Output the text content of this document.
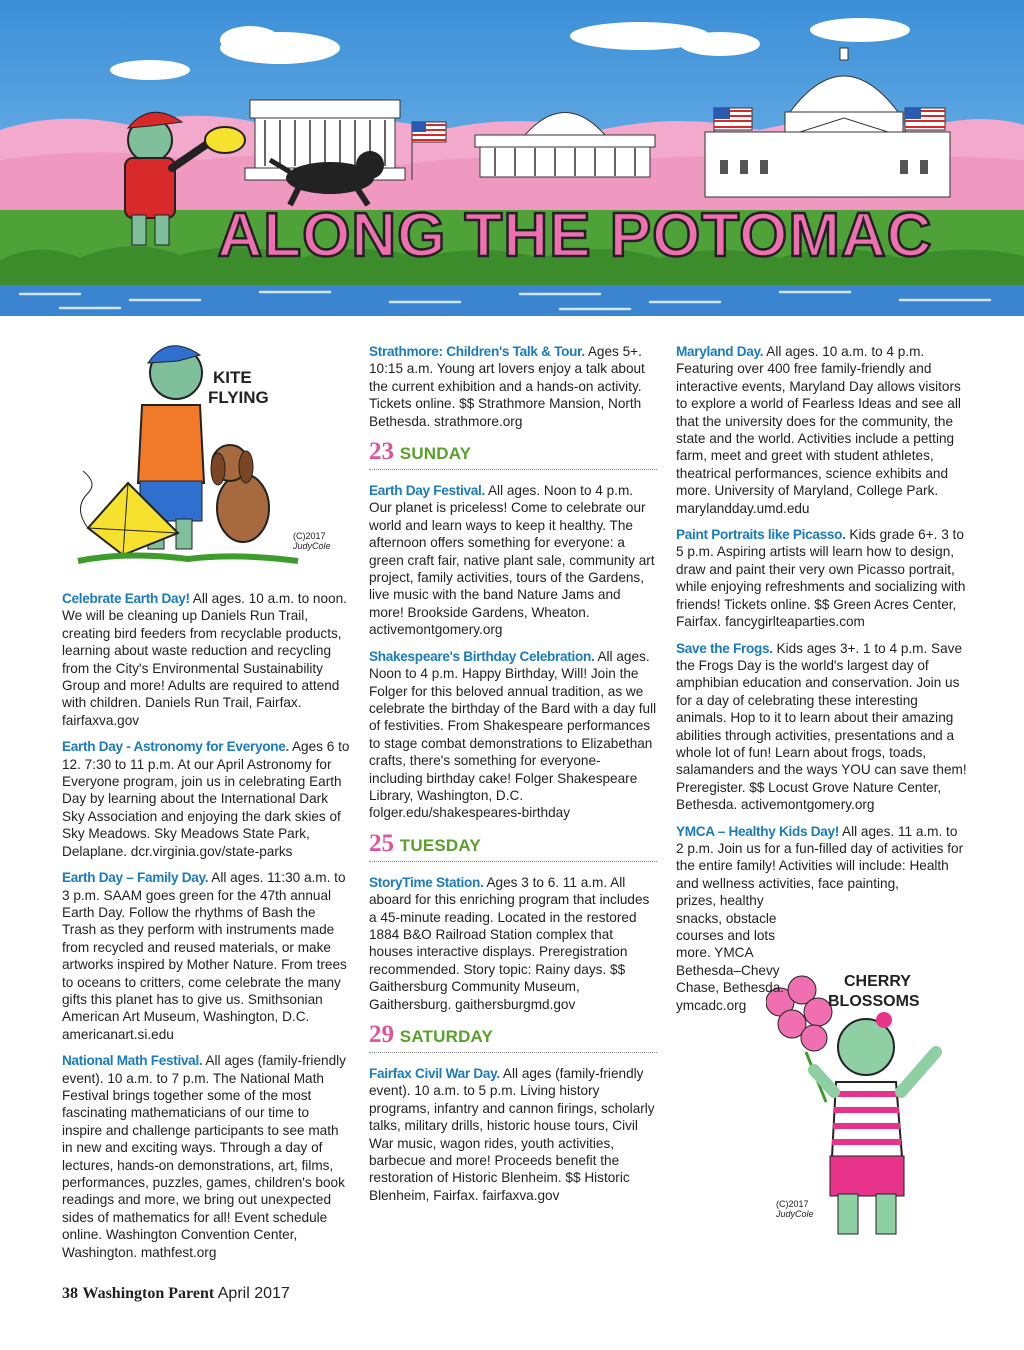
ALONG THE POTOMAC
KITE
FLYING
(C)2017
JudyCole
CHERRY
BLOSSOMS
(C)2017
JudyCole

Celebrate Earth Day! All ages. 10 a.m. to noon. We will be cleaning up Daniels Run Trail, creating bird feeders from recyclable products, learning about waste reduction and recycling from the City's Environmental Sustainability Group and more! Adults are required to attend with children. Daniels Run Trail, Fairfax. fairfaxva.gov

Earth Day - Astronomy for Everyone. Ages 6 to 12. 7:30 to 11 p.m. At our April Astronomy for Everyone program, join us in celebrating Earth Day by learning about the International Dark Sky Association and enjoying the dark skies of Sky Meadows. Sky Meadows State Park, Delaplane. dcr.virginia.gov/state-parks

Earth Day – Family Day. All ages. 11:30 a.m. to 3 p.m. SAAM goes green for the 47th annual Earth Day. Follow the rhythms of Bash the Trash as they perform with instruments made from recycled and reused materials, or make artworks inspired by Mother Nature. From trees to oceans to critters, come celebrate the many gifts this planet has to give us. Smithsonian American Art Museum, Washington, D.C. americanart.si.edu

National Math Festival. All ages (family-friendly event). 10 a.m. to 7 p.m. The National Math Festival brings together some of the most fascinating mathematicians of our time to inspire and challenge participants to see math in new and exciting ways. Through a day of lectures, hands-on demonstrations, art, films, performances, puzzles, games, children's book readings and more, we bring out unexpected sides of mathematics for all! Event schedule online. Washington Convention Center, Washington. mathfest.org

Strathmore: Children's Talk & Tour. Ages 5+. 10:15 a.m. Young art lovers enjoy a talk about the current exhibition and a hands-on activity. Tickets online. $$ Strathmore Mansion, North Bethesda. strathmore.org

23 SUNDAY

Earth Day Festival. All ages. Noon to 4 p.m. Our planet is priceless! Come to celebrate our world and learn ways to keep it healthy. The afternoon offers something for everyone: a green craft fair, native plant sale, community art project, family activities, tours of the Gardens, live music with the band Nature Jams and more! Brookside Gardens, Wheaton. activemontgomery.org

Shakespeare's Birthday Celebration. All ages. Noon to 4 p.m. Happy Birthday, Will! Join the Folger for this beloved annual tradition, as we celebrate the birthday of the Bard with a day full of festivities. From Shakespeare performances to stage combat demonstrations to Elizabethan crafts, there's something for everyone- including birthday cake! Folger Shakespeare Library, Washington, D.C. folger.edu/shakespeares-birthday

25 TUESDAY

StoryTime Station. Ages 3 to 6. 11 a.m. All aboard for this enriching program that includes a 45-minute reading. Located in the restored 1884 B&O Railroad Station complex that houses interactive displays. Preregistration recommended. Story topic: Rainy days. $$ Gaithersburg Community Museum, Gaithersburg. gaithersburgmd.gov

29 SATURDAY

Fairfax Civil War Day. All ages (family-friendly event). 10 a.m. to 5 p.m. Living history programs, infantry and cannon firings, scholarly talks, military drills, historic house tours, Civil War music, wagon rides, youth activities, barbecue and more! Proceeds benefit the restoration of Historic Blenheim. $$ Historic Blenheim, Fairfax. fairfaxva.gov

Maryland Day. All ages. 10 a.m. to 4 p.m. Featuring over 400 free family-friendly and interactive events, Maryland Day allows visitors to explore a world of Fearless Ideas and see all that the university does for the community, the state and the world. Activities include a petting farm, meet and greet with student athletes, theatrical performances, science exhibits and more. University of Maryland, College Park. marylandday.umd.edu

Paint Portraits like Picasso. Kids grade 6+. 3 to 5 p.m. Aspiring artists will learn how to design, draw and paint their very own Picasso portrait, while enjoying refreshments and socializing with friends! Tickets online. $$ Green Acres Center, Fairfax. fancygirlteaparties.com

Save the Frogs. Kids ages 3+. 1 to 4 p.m. Save the Frogs Day is the world's largest day of amphibian education and conservation. Join us for a day of celebrating these interesting animals. Hop to it to learn about their amazing abilities through activities, presentations and a whole lot of fun! Learn about frogs, toads, salamanders and the ways YOU can save them! Preregister. $$ Locust Grove Nature Center, Bethesda. activemontgomery.org

YMCA – Healthy Kids Day! All ages. 11 a.m. to 2 p.m. Join us for a fun-filled day of activities for the entire family! Activities will include: Health and wellness activities, face painting,

prizes, healthy snacks, obstacle courses and lots more. YMCA Bethesda–Chevy Chase, Bethesda. ymcadc.org

38 Washington Parent April 2017
